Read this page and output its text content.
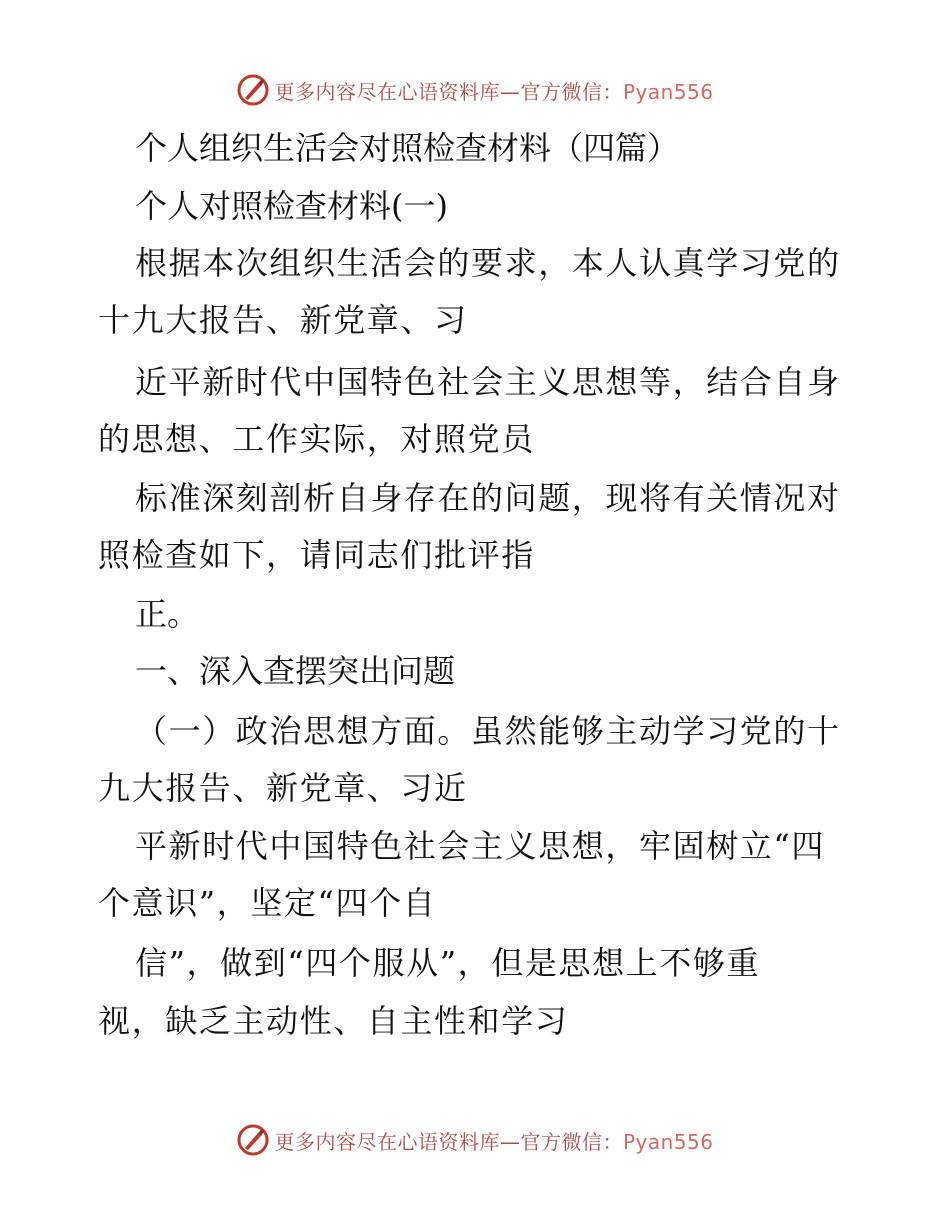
更多内容尽在心语资料库—官方微信：Pyan556
个人组织生活会对照检查材料（四篇）
个人对照检查材料(一)
根据本次组织生活会的要求，本人认真学习党的
十九大报告、新党章、习
近平新时代中国特色社会主义思想等，结合自身
的思想、工作实际，对照党员
标准深刻剖析自身存在的问题，现将有关情况对
照检查如下，请同志们批评指
正。
一、深入查摆突出问题
（一）政治思想方面。虽然能够主动学习党的十
九大报告、新党章、习近
平新时代中国特色社会主义思想，牢固树立“四
个意识”，坚定“四个自
信”，做到“四个服从”，但是思想上不够重
视，缺乏主动性、自主性和学习
更多内容尽在心语资料库—官方微信：Pyan556
